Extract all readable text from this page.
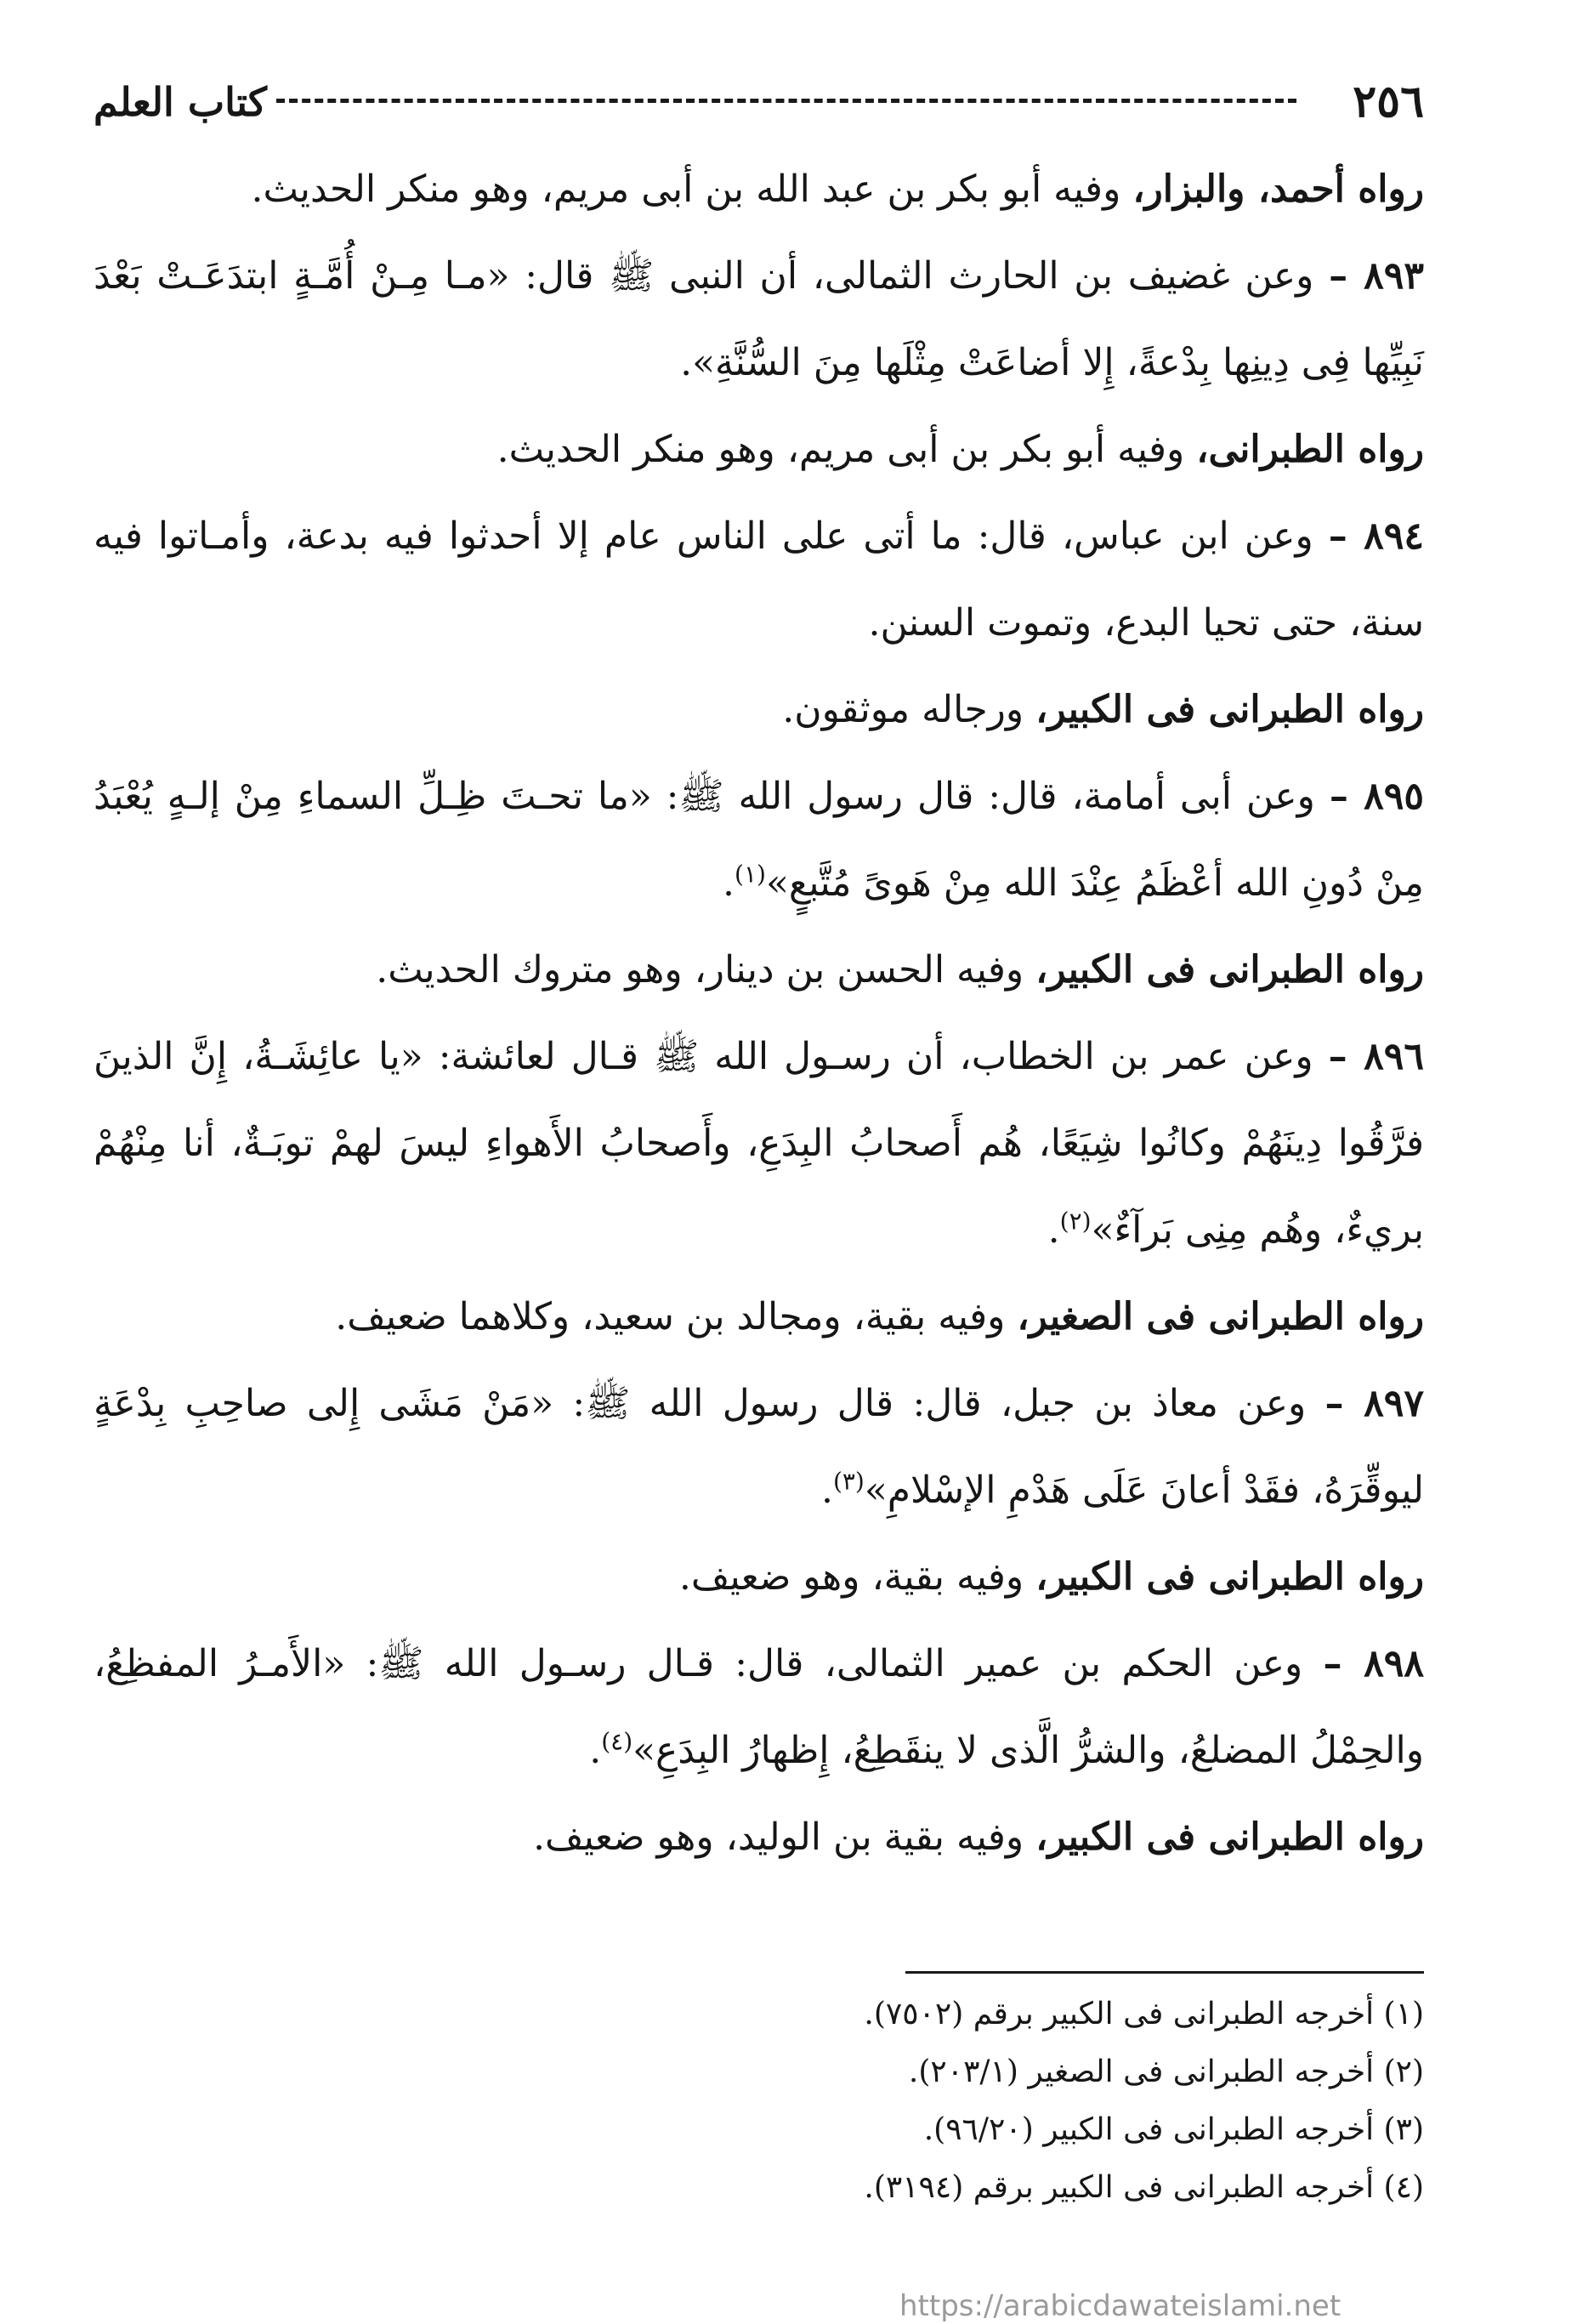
٢٥٦
كتاب العلم

رواه أحمد، والبزار، وفيه أبو بكر بن عبد الله بن أبى مريم، وهو منكر الحديث.

٨٩٣ – وعن غضيف بن الحارث الثمالى، أن النبى ﷺ قال: «مـا مِـنْ أُمَّـةٍ ابتدَعَـتْ بَعْدَ نَبِيِّها فِى دِينِها بِدْعةً، إِلا أضاعَتْ مِثْلَها مِنَ السُّنَّةِ».

رواه الطبرانى، وفيه أبو بكر بن أبى مريم، وهو منكر الحديث.

٨٩٤ – وعن ابن عباس، قال: ما أتى على الناس عام إلا أحدثوا فيه بدعة، وأمـاتوا فيه سنة، حتى تحيا البدع، وتموت السنن.

رواه الطبرانى فى الكبير، ورجاله موثقون.

٨٩٥ – وعن أبى أمامة، قال: قال رسول الله ﷺ: «ما تحـتَ ظِـلِّ السماءِ مِنْ إلـهٍ يُعْبَدُ مِنْ دُونِ الله أعْظَمُ عِنْدَ الله مِنْ هَوىً مُتَّبعٍ»$^{(١)}$.

رواه الطبرانى فى الكبير، وفيه الحسن بن دينار، وهو متروك الحديث.

٨٩٦ – وعن عمر بن الخطاب، أن رسـول الله ﷺ قـال لعائشة: «يا عائِشَـةُ، إِنَّ الذينَ فرَّقُوا دِينَهُمْ وكانُوا شِيَعًا، هُم أَصحابُ البِدَعِ، وأَصحابُ الأَهواءِ ليسَ لهمْ توبَـةٌ، أنا مِنْهُمْ بريءٌ، وهُم مِنِى بَرآءٌ»$^{(٢)}$.

رواه الطبرانى فى الصغير، وفيه بقية، ومجالد بن سعيد، وكلاهما ضعيف.

٨٩٧ – وعن معاذ بن جبل، قال: قال رسول الله ﷺ: «مَنْ مَشَى إِلى صاحِبِ بِدْعَةٍ ليوقِّرَهُ، فقَدْ أعانَ عَلَى هَدْمِ الإسْلامِ»$^{(٣)}$.

رواه الطبرانى فى الكبير، وفيه بقية، وهو ضعيف.

٨٩٨ – وعن الحكم بن عمير الثمالى، قال: قـال رسـول الله ﷺ: «الأَمـرُ المفظِعُ، والحِمْلُ المضلعُ، والشرُّ الَّذى لا ينقَطِعُ، إِظهارُ البِدَعِ»$^{(٤)}$.

رواه الطبرانى فى الكبير، وفيه بقية بن الوليد، وهو ضعيف.

(١) أخرجه الطبرانى فى الكبير برقم (٧٥٠٢).

(٢) أخرجه الطبرانى فى الصغير (٢٠٣/١).

(٣) أخرجه الطبرانى فى الكبير (٩٦/٢٠).

(٤) أخرجه الطبرانى فى الكبير برقم (٣١٩٤).

https://arabicdawateislami.net
